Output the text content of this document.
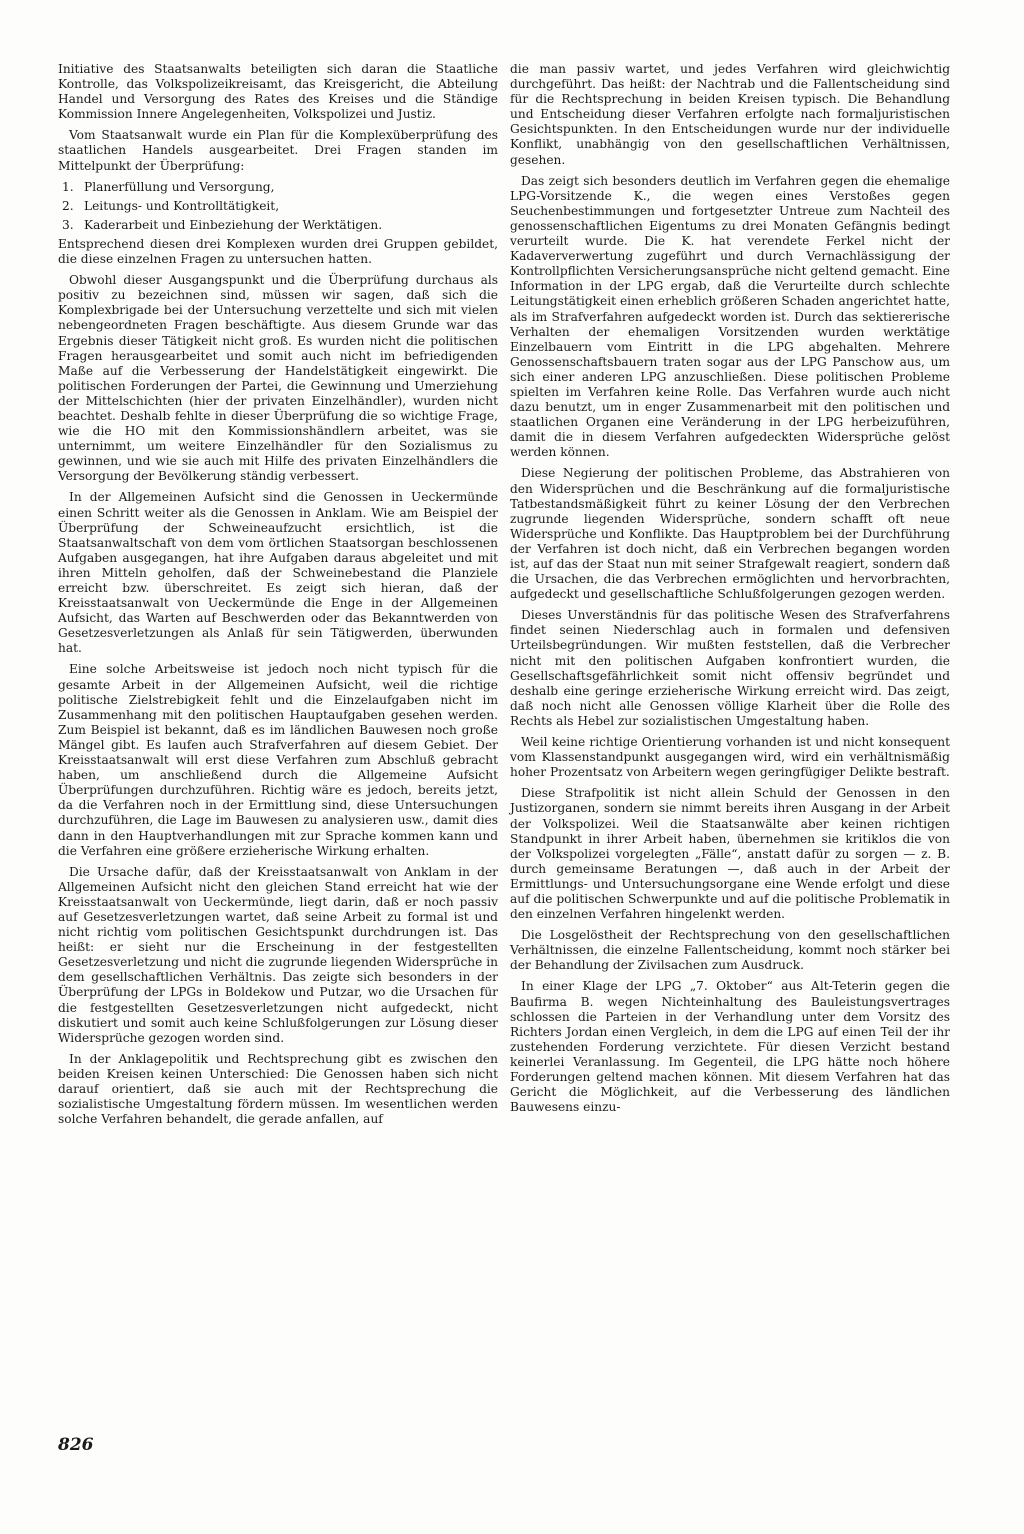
Initiative des Staatsanwalts beteiligten sich daran die Staatliche Kontrolle, das Volkspolizeikreisamt, das Kreisgericht, die Abteilung Handel und Versorgung des Rates des Kreises und die Ständige Kommission Innere Angelegenheiten, Volkspolizei und Justiz.

Vom Staatsanwalt wurde ein Plan für die Komplexüberprüfung des staatlichen Handels ausgearbeitet. Drei Fragen standen im Mittelpunkt der Überprüfung:

1. Planerfüllung und Versorgung,
2. Leitungs- und Kontrolltätigkeit,
3. Kaderarbeit und Einbeziehung der Werktätigen.

Entsprechend diesen drei Komplexen wurden drei Gruppen gebildet, die diese einzelnen Fragen zu untersuchen hatten.

Obwohl dieser Ausgangspunkt und die Überprüfung durchaus als positiv zu bezeichnen sind, müssen wir sagen, daß sich die Komplexbrigade bei der Untersuchung verzettelte und sich mit vielen nebengeordneten Fragen beschäftigte. Aus diesem Grunde war das Ergebnis dieser Tätigkeit nicht groß. Es wurden nicht die politischen Fragen herausgearbeitet und somit auch nicht im befriedigenden Maße auf die Verbesserung der Handelstätigkeit eingewirkt. Die politischen Forderungen der Partei, die Gewinnung und Umerziehung der Mittelschichten (hier der privaten Einzelhändler), wurden nicht beachtet. Deshalb fehlte in dieser Überprüfung die so wichtige Frage, wie die HO mit den Kommissionshändlern arbeitet, was sie unternimmt, um weitere Einzelhändler für den Sozialismus zu gewinnen, und wie sie auch mit Hilfe des privaten Einzelhändlers die Versorgung der Bevölkerung ständig verbessert.

In der Allgemeinen Aufsicht sind die Genossen in Ueckermünde einen Schritt weiter als die Genossen in Anklam. Wie am Beispiel der Überprüfung der Schweineaufzucht ersichtlich, ist die Staatsanwaltschaft von dem vom örtlichen Staatsorgan beschlossenen Aufgaben ausgegangen, hat ihre Aufgaben daraus abgeleitet und mit ihren Mitteln geholfen, daß der Schweinebestand die Planziele erreicht bzw. überschreitet. Es zeigt sich hieran, daß der Kreisstaatsanwalt von Ueckermünde die Enge in der Allgemeinen Aufsicht, das Warten auf Beschwerden oder das Bekanntwerden von Gesetzesverletzungen als Anlaß für sein Tätigwerden, überwunden hat.

Eine solche Arbeitsweise ist jedoch noch nicht typisch für die gesamte Arbeit in der Allgemeinen Aufsicht, weil die richtige politische Zielstrebigkeit fehlt und die Einzelaufgaben nicht im Zusammenhang mit den politischen Hauptaufgaben gesehen werden. Zum Beispiel ist bekannt, daß es im ländlichen Bauwesen noch große Mängel gibt. Es laufen auch Strafverfahren auf diesem Gebiet. Der Kreisstaatsanwalt will erst diese Verfahren zum Abschluß gebracht haben, um anschließend durch die Allgemeine Aufsicht Überprüfungen durchzuführen. Richtig wäre es jedoch, bereits jetzt, da die Verfahren noch in der Ermittlung sind, diese Untersuchungen durchzuführen, die Lage im Bauwesen zu analysieren usw., damit dies dann in den Hauptverhandlungen mit zur Sprache kommen kann und die Verfahren eine größere erzieherische Wirkung erhalten.

Die Ursache dafür, daß der Kreisstaatsanwalt von Anklam in der Allgemeinen Aufsicht nicht den gleichen Stand erreicht hat wie der Kreisstaatsanwalt von Ueckermünde, liegt darin, daß er noch passiv auf Gesetzesverletzungen wartet, daß seine Arbeit zu formal ist und nicht richtig vom politischen Gesichtspunkt durchdrungen ist. Das heißt: er sieht nur die Erscheinung in der festgestellten Gesetzesverletzung und nicht die zugrunde liegenden Widersprüche in dem gesellschaftlichen Verhältnis. Das zeigte sich besonders in der Überprüfung der LPGs in Boldekow und Putzar, wo die Ursachen für die festgestellten Gesetzesverletzungen nicht aufgedeckt, nicht diskutiert und somit auch keine Schlußfolgerungen zur Lösung dieser Widersprüche gezogen worden sind.

In der Anklagepolitik und Rechtsprechung gibt es zwischen den beiden Kreisen keinen Unterschied: Die Genossen haben sich nicht darauf orientiert, daß sie auch mit der Rechtsprechung die sozialistische Umgestaltung fördern müssen. Im wesentlichen werden solche Verfahren behandelt, die gerade anfallen, auf

die man passiv wartet, und jedes Verfahren wird gleichwichtig durchgeführt. Das heißt: der Nachtrab und die Fallentscheidung sind für die Rechtsprechung in beiden Kreisen typisch. Die Behandlung und Entscheidung dieser Verfahren erfolgte nach formaljuristischen Gesichtspunkten. In den Entscheidungen wurde nur der individuelle Konflikt, unabhängig von den gesellschaftlichen Verhältnissen, gesehen.

Das zeigt sich besonders deutlich im Verfahren gegen die ehemalige LPG-Vorsitzende K., die wegen eines Verstoßes gegen Seuchenbestimmungen und fortgesetzter Untreue zum Nachteil des genossenschaftlichen Eigentums zu drei Monaten Gefängnis bedingt verurteilt wurde. Die K. hat verendete Ferkel nicht der Kadaververwertung zugeführt und durch Vernachlässigung der Kontrollpflichten Versicherungsansprüche nicht geltend gemacht. Eine Information in der LPG ergab, daß die Verurteilte durch schlechte Leitungstätigkeit einen erheblich größeren Schaden angerichtet hatte, als im Strafverfahren aufgedeckt worden ist. Durch das sektiererische Verhalten der ehemaligen Vorsitzenden wurden werktätige Einzelbauern vom Eintritt in die LPG abgehalten. Mehrere Genossenschaftsbauern traten sogar aus der LPG Panschow aus, um sich einer anderen LPG anzuschließen. Diese politischen Probleme spielten im Verfahren keine Rolle. Das Verfahren wurde auch nicht dazu benutzt, um in enger Zusammenarbeit mit den politischen und staatlichen Organen eine Veränderung in der LPG herbeizuführen, damit die in diesem Verfahren aufgedeckten Widersprüche gelöst werden können.

Diese Negierung der politischen Probleme, das Abstrahieren von den Widersprüchen und die Beschränkung auf die formaljuristische Tatbestandsmäßigkeit führt zu keiner Lösung der den Verbrechen zugrunde liegenden Widersprüche, sondern schafft oft neue Widersprüche und Konflikte. Das Hauptproblem bei der Durchführung der Verfahren ist doch nicht, daß ein Verbrechen begangen worden ist, auf das der Staat nun mit seiner Strafgewalt reagiert, sondern daß die Ursachen, die das Verbrechen ermöglichten und hervorbrachten, aufgedeckt und gesellschaftliche Schlußfolgerungen gezogen werden.

Dieses Unverständnis für das politische Wesen des Strafverfahrens findet seinen Niederschlag auch in formalen und defensiven Urteilsbegründungen. Wir mußten feststellen, daß die Verbrecher nicht mit den politischen Aufgaben konfrontiert wurden, die Gesellschaftsgefährlichkeit somit nicht offensiv begründet und deshalb eine geringe erzieherische Wirkung erreicht wird. Das zeigt, daß noch nicht alle Genossen völlige Klarheit über die Rolle des Rechts als Hebel zur sozialistischen Umgestaltung haben.

Weil keine richtige Orientierung vorhanden ist und nicht konsequent vom Klassenstandpunkt ausgegangen wird, wird ein verhältnismäßig hoher Prozentsatz von Arbeitern wegen geringfügiger Delikte bestraft.

Diese Strafpolitik ist nicht allein Schuld der Genossen in den Justizorganen, sondern sie nimmt bereits ihren Ausgang in der Arbeit der Volkspolizei. Weil die Staatsanwälte aber keinen richtigen Standpunkt in ihrer Arbeit haben, übernehmen sie kritiklos die von der Volkspolizei vorgelegten „Fälle“, anstatt dafür zu sorgen — z. B. durch gemeinsame Beratungen —, daß auch in der Arbeit der Ermittlungs- und Untersuchungsorgane eine Wende erfolgt und diese auf die politischen Schwerpunkte und auf die politische Problematik in den einzelnen Verfahren hingelenkt werden.

Die Losgelöstheit der Rechtsprechung von den gesellschaftlichen Verhältnissen, die einzelne Fallentscheidung, kommt noch stärker bei der Behandlung der Zivilsachen zum Ausdruck.

In einer Klage der LPG „7. Oktober“ aus Alt-Teterin gegen die Baufirma B. wegen Nichteinhaltung des Bauleistungsvertrages schlossen die Parteien in der Verhandlung unter dem Vorsitz des Richters Jordan einen Vergleich, in dem die LPG auf einen Teil der ihr zustehenden Forderung verzichtete. Für diesen Verzicht bestand keinerlei Veranlassung. Im Gegenteil, die LPG hätte noch höhere Forderungen geltend machen können. Mit diesem Verfahren hat das Gericht die Möglichkeit, auf die Verbesserung des ländlichen Bauwesens einzu-

826
